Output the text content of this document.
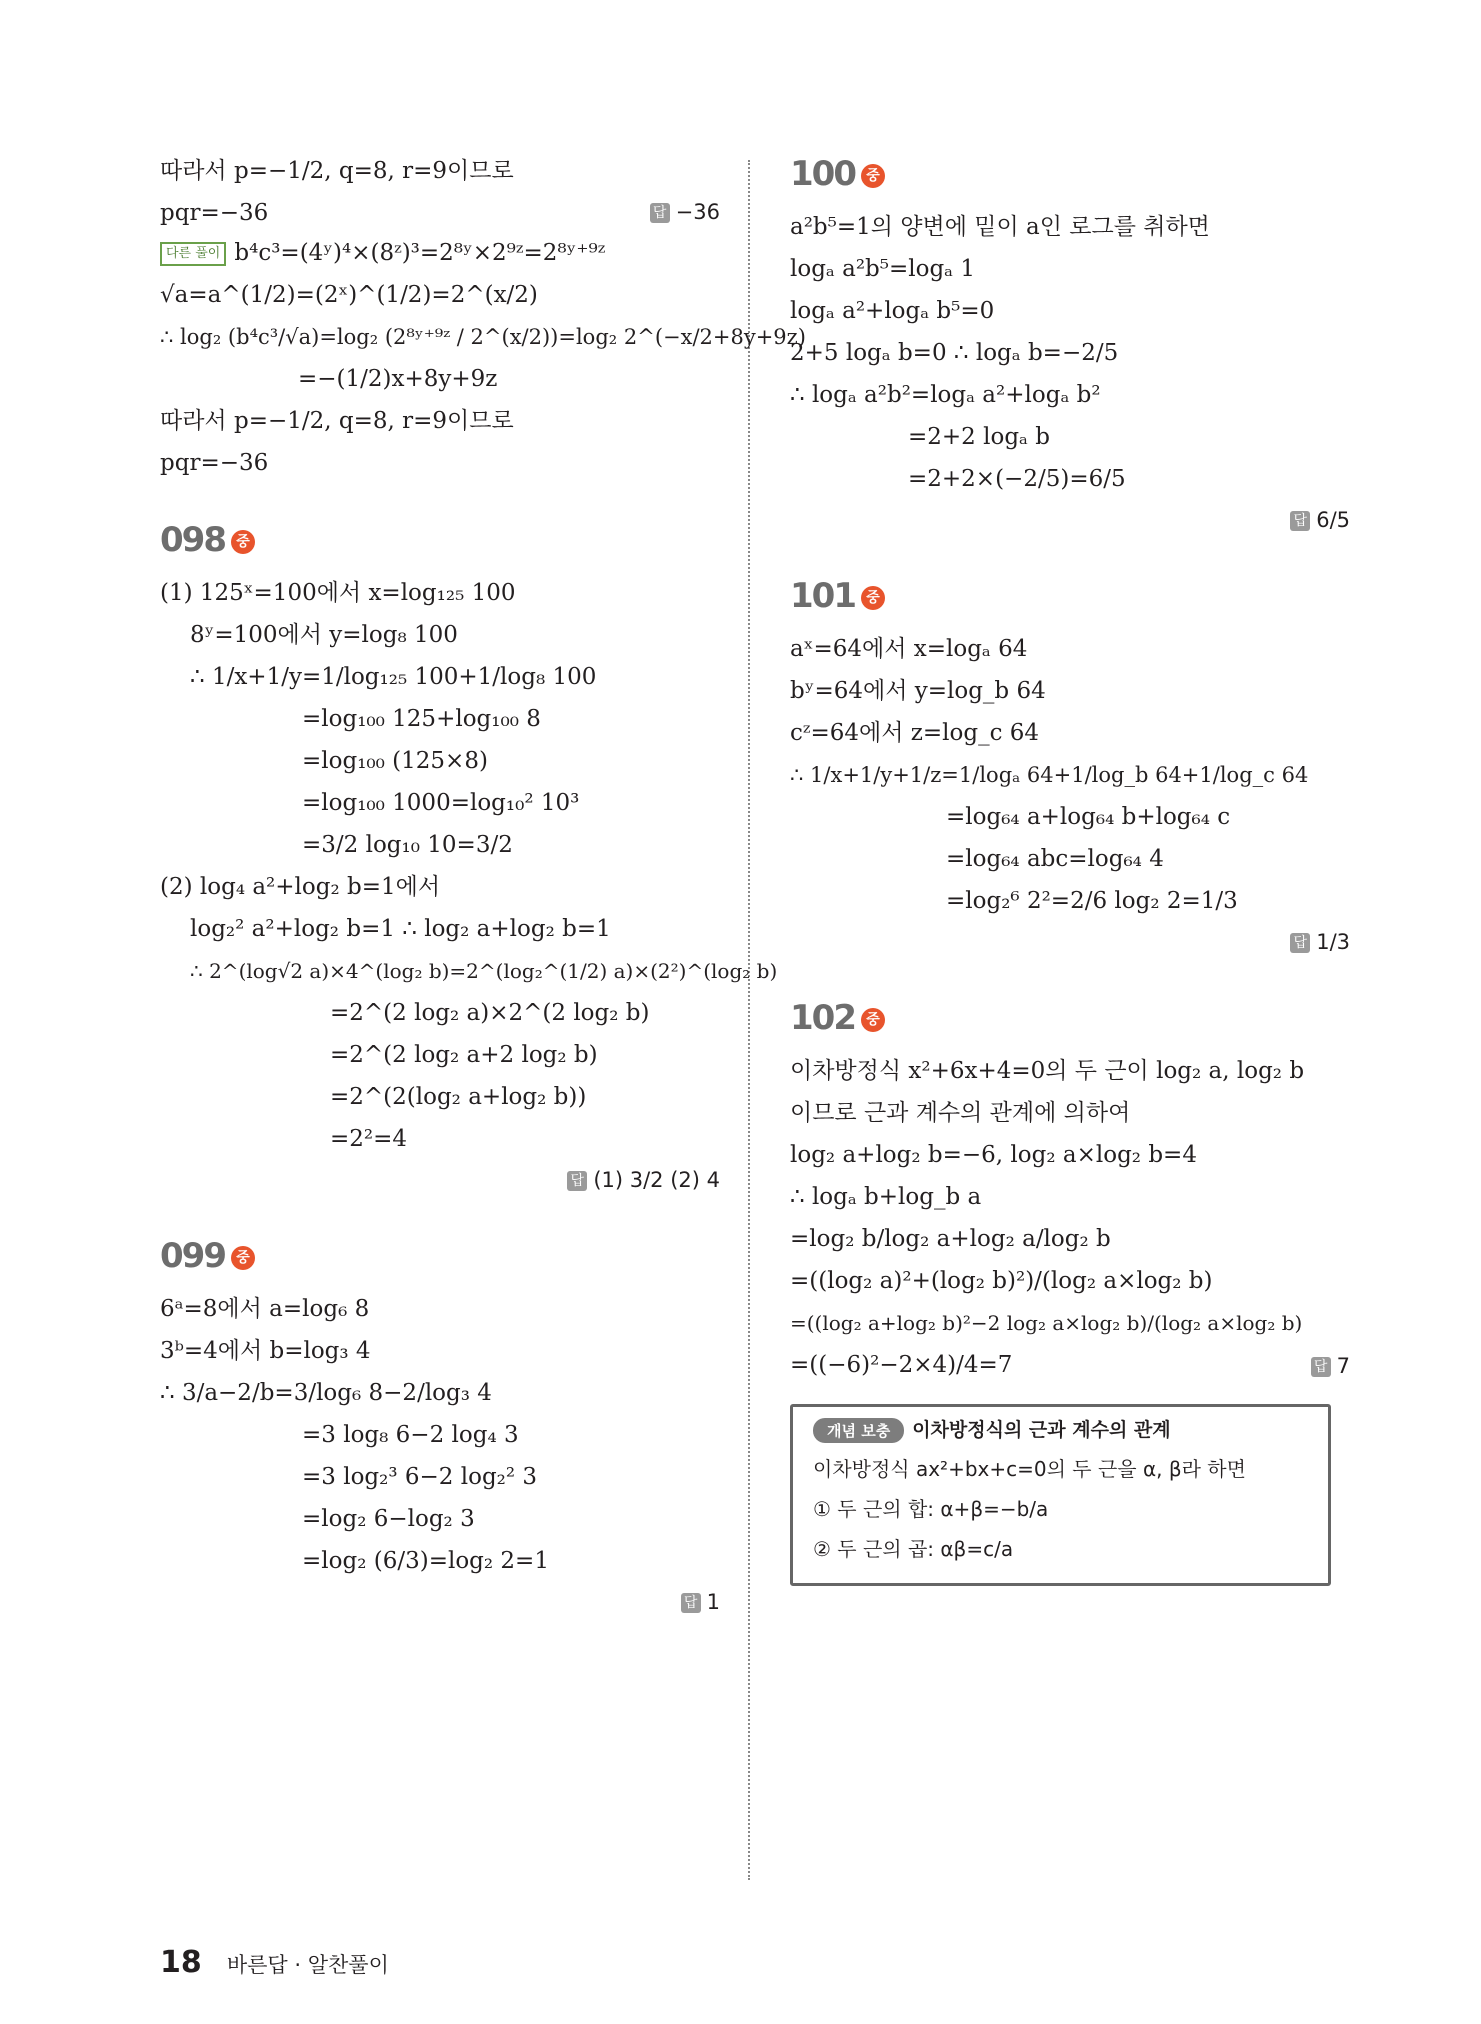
따라서 p=−1/2, q=8, r=9이므로
pqr=−36	답 −36
다른 풀이 b⁴c³=(4ʸ)⁴×(8ᶻ)³=2⁸ʸ×2⁹ᶻ=2⁸ʸ⁺⁹ᶻ
√a=a^(1/2)=(2ˣ)^(1/2)=2^(x/2)
∴ log₂ (b⁴c³/√a)=log₂ (2⁸ʸ⁺⁹ᶻ / 2^(x/2))=log₂ 2^(−x/2+8y+9z)
=−(1/2)x+8y+9z
따라서 p=−1/2, q=8, r=9이므로
pqr=−36
098 중
(1) 125ˣ=100에서 x=log₁₂₅ 100
8ʸ=100에서 y=log₈ 100
∴ 1/x+1/y=1/log₁₂₅ 100+1/log₈ 100
=log₁₀₀ 125+log₁₀₀ 8
=log₁₀₀ (125×8)
=log₁₀₀ 1000=log₁₀² 10³
=3/2 log₁₀ 10=3/2
(2) log₄ a²+log₂ b=1에서
log₂² a²+log₂ b=1 ∴ log₂ a+log₂ b=1
∴ 2^(log√2 a)×4^(log₂ b)=2^(log₂^(1/2) a)×(2²)^(log₂ b)
=2^(2 log₂ a)×2^(2 log₂ b)
=2^(2 log₂ a+2 log₂ b)
=2^(2(log₂ a+log₂ b))
=2²=4
답 (1) 3/2 (2) 4
099 중
6ᵃ=8에서 a=log₆ 8
3ᵇ=4에서 b=log₃ 4
∴ 3/a−2/b=3/log₆ 8−2/log₃ 4
=3 log₈ 6−2 log₄ 3
=3 log₂³ 6−2 log₂² 3
=log₂ 6−log₂ 3
=log₂ (6/3)=log₂ 2=1
답 1
100 중
a²b⁵=1의 양변에 밑이 a인 로그를 취하면
logₐ a²b⁵=logₐ 1
logₐ a²+logₐ b⁵=0
2+5 logₐ b=0 ∴ logₐ b=−2/5
∴ logₐ a²b²=logₐ a²+logₐ b²
=2+2 logₐ b
=2+2×(−2/5)=6/5
답 6/5
101 중
aˣ=64에서 x=logₐ 64
bʸ=64에서 y=log_b 64
cᶻ=64에서 z=log_c 64
∴ 1/x+1/y+1/z=1/logₐ 64+1/log_b 64+1/log_c 64
=log₆₄ a+log₆₄ b+log₆₄ c
=log₆₄ abc=log₆₄ 4
=log₂⁶ 2²=2/6 log₂ 2=1/3
답 1/3
102 중
이차방정식 x²+6x+4=0의 두 근이 log₂ a, log₂ b
이므로 근과 계수의 관계에 의하여
log₂ a+log₂ b=−6, log₂ a×log₂ b=4
∴ logₐ b+log_b a
=log₂ b/log₂ a+log₂ a/log₂ b
=((log₂ a)²+(log₂ b)²)/(log₂ a×log₂ b)
=((log₂ a+log₂ b)²−2 log₂ a×log₂ b)/(log₂ a×log₂ b)
=((−6)²−2×4)/4=7	답 7
개념 보충 이차방정식의 근과 계수의 관계
이차방정식 ax²+bx+c=0의 두 근을 α, β라 하면
① 두 근의 합: α+β=−b/a
② 두 근의 곱: αβ=c/a
18 바른답 · 알찬풀이
